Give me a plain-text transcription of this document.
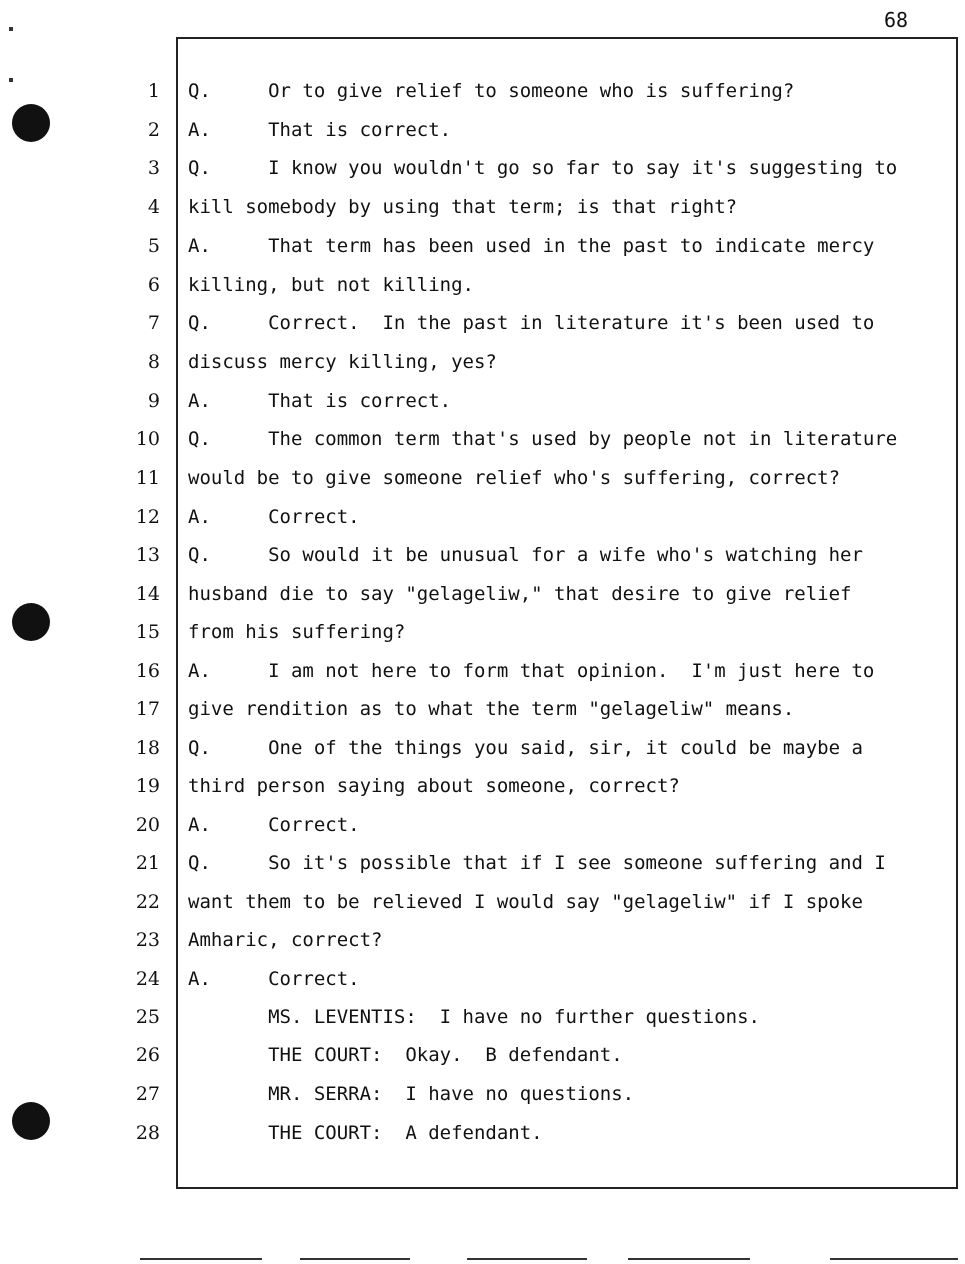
68
1 Q.     Or to give relief to someone who is suffering?
2 A.     That is correct.
3 Q.     I know you wouldn't go so far to say it's suggesting to
4 kill somebody by using that term; is that right?
5 A.     That term has been used in the past to indicate mercy
6 killing, but not killing.
7 Q.     Correct.  In the past in literature it's been used to
8 discuss mercy killing, yes?
9 A.     That is correct.
10 Q.     The common term that's used by people not in literature
11 would be to give someone relief who's suffering, correct?
12 A.     Correct.
13 Q.     So would it be unusual for a wife who's watching her
14 husband die to say "gelageliw," that desire to give relief
15 from his suffering?
16 A.     I am not here to form that opinion.  I'm just here to
17 give rendition as to what the term "gelageliw" means.
18 Q.     One of the things you said, sir, it could be maybe a
19 third person saying about someone, correct?
20 A.     Correct.
21 Q.     So it's possible that if I see someone suffering and I
22 want them to be relieved I would say "gelageliw" if I spoke
23 Amharic, correct?
24 A.     Correct.
25 MS. LEVENTIS:  I have no further questions.
26 THE COURT:  Okay.  B defendant.
27 MR. SERRA:  I have no questions.
28 THE COURT:  A defendant.
